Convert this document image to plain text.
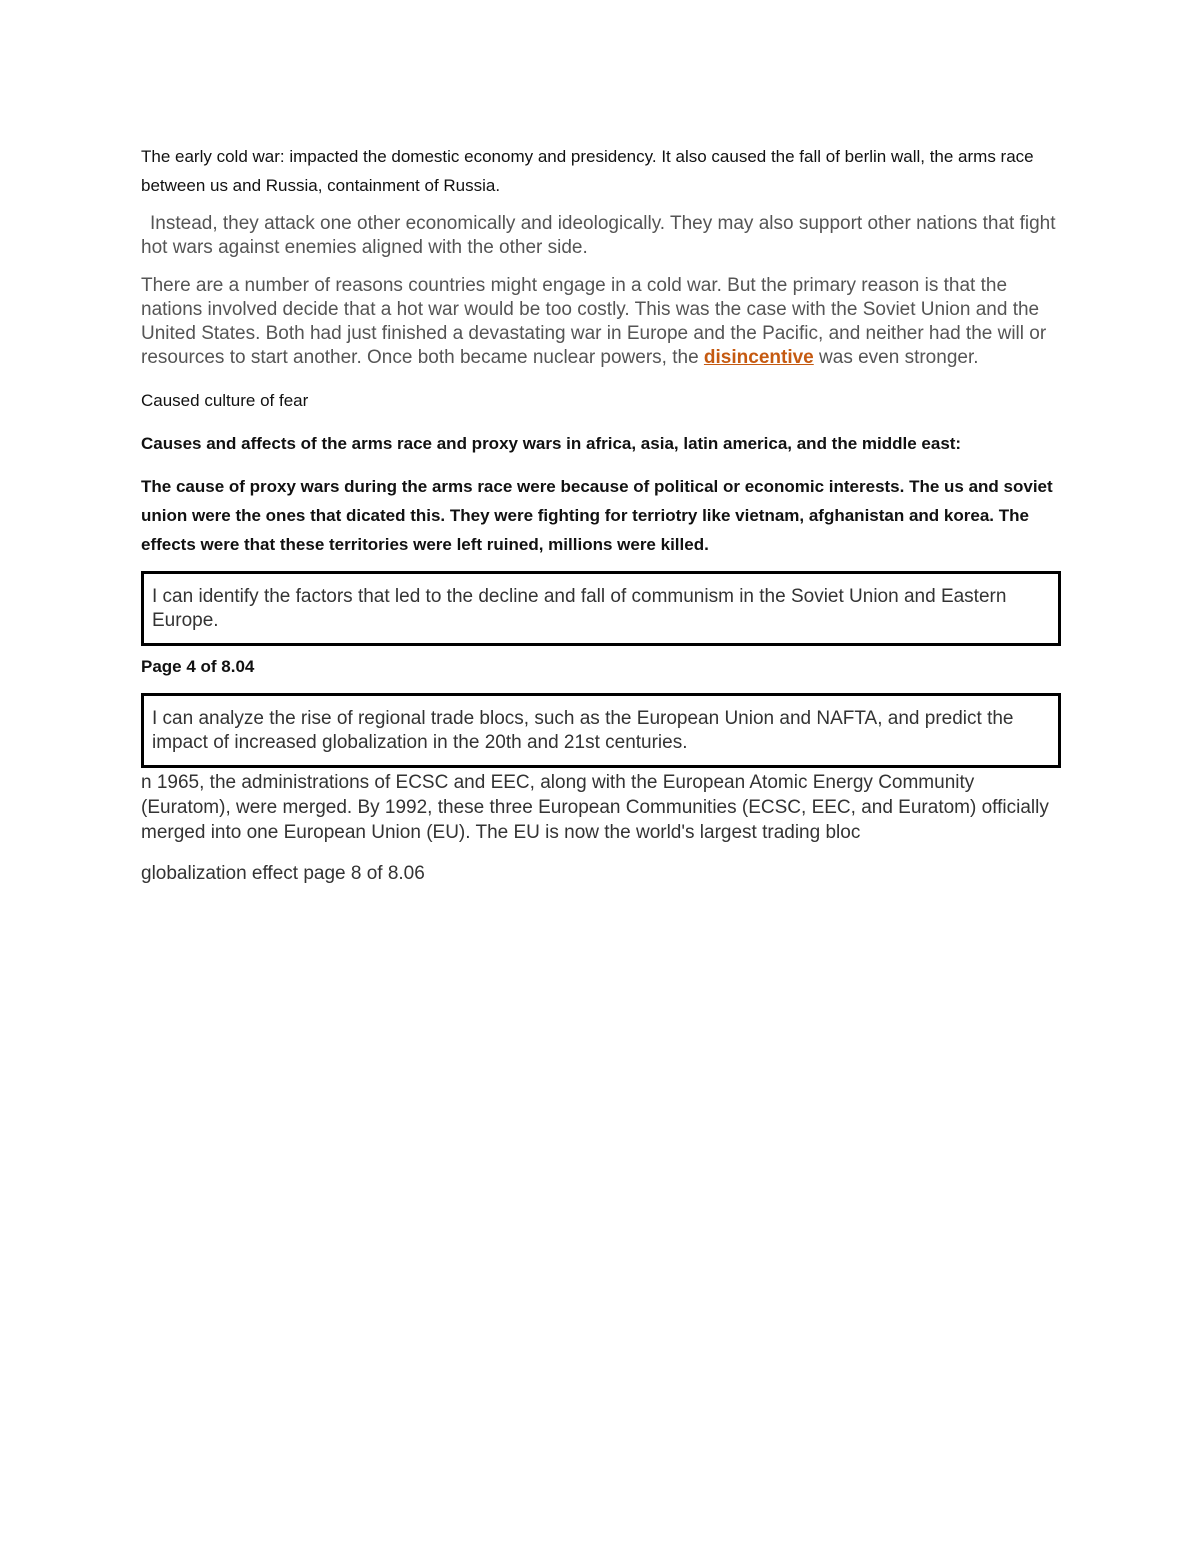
The early cold war: impacted the domestic economy and presidency. It also caused the fall of berlin wall, the arms race between us and Russia, containment of Russia.

Instead, they attack one other economically and ideologically. They may also support other nations that fight hot wars against enemies aligned with the other side.

There are a number of reasons countries might engage in a cold war. But the primary reason is that the nations involved decide that a hot war would be too costly. This was the case with the Soviet Union and the United States. Both had just finished a devastating war in Europe and the Pacific, and neither had the will or resources to start another. Once both became nuclear powers, the disincentive was even stronger.

Caused culture of fear

Causes and affects of the arms race and proxy wars in africa, asia, latin america, and the middle east:

The cause of proxy wars during the arms race were because of political or economic interests. The us and soviet union were the ones that dicated this. They were fighting for terriotry like vietnam, afghanistan and korea. The effects were that these territories were left ruined, millions were killed.

I can identify the factors that led to the decline and fall of communism in the Soviet Union and Eastern Europe.

Page 4 of 8.04

I can analyze the rise of regional trade blocs, such as the European Union and NAFTA, and predict the impact of increased globalization in the 20th and 21st centuries.

n 1965, the administrations of ECSC and EEC, along with the European Atomic Energy Community (Euratom), were merged. By 1992, these three European Communities (ECSC, EEC, and Euratom) officially merged into one European Union (EU). The EU is now the world's largest trading bloc

globalization effect page 8 of 8.06
